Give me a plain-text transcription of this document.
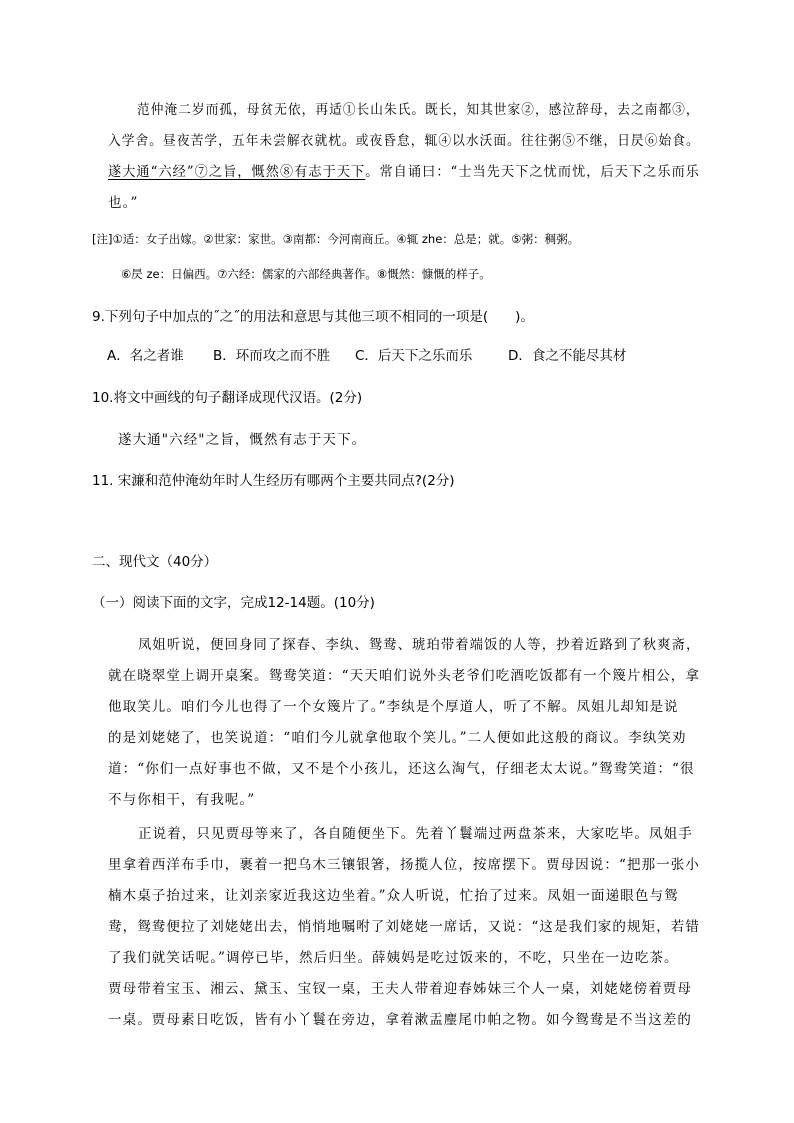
范仲淹二岁而孤，母贫无依，再适①长山朱氏。既长，知其世家②，感泣辞母，去之南都③，
入学舍。昼夜苦学，五年未尝解衣就枕。或夜昏怠，辄④以水沃面。往往粥⑤不继，日昃⑥始食。
遂大通“六经”⑦之旨，慨然⑧有志于天下。常自诵曰：“士当先天下之忧而忧，后天下之乐而乐
也。”
[注]①适：女子出嫁。②世家：家世。③南都：今河南商丘。④辄 zhe：总是；就。⑤粥：稠粥。
⑥昃 ze：日偏西。⑦六经：儒家的六部经典著作。⑧慨然：慷慨的样子。
9.下列句子中加点的˝之˝的用法和意思与其他三项不相同的一项是(　　)。
A．名之者谁 B．环而攻之而不胜 C．后天下之乐而乐	D．食之不能尽其材
10.将文中画线的句子翻译成现代汉语。(2分)
遂大通"六经"之旨，慨然有志于天下。
11. 宋濂和范仲淹幼年时人生经历有哪两个主要共同点?(2分)
二、现代文（40分）
（一）阅读下面的文字，完成12-14题。(10分)
凤姐听说，便回身同了探春、李纨、鸳鸯、琥珀带着端饭的人等，抄着近路到了秋爽斋，
就在晓翠堂上调开桌案。鸳鸯笑道：“天天咱们说外头老爷们吃酒吃饭都有一个篾片相公，拿
他取笑儿。咱们今儿也得了一个女篾片了。”李纨是个厚道人，听了不解。凤姐儿却知是说
的是刘姥姥了，也笑说道：“咱们今儿就拿他取个笑儿。”二人便如此这般的商议。李纨笑劝
道：“你们一点好事也不做，又不是个小孩儿，还这么淘气，仔细老太太说。”鸳鸯笑道：“很
不与你相干，有我呢。”
正说着，只见贾母等来了，各自随便坐下。先着丫鬟端过两盘茶来，大家吃毕。凤姐手
里拿着西洋布手巾，裹着一把乌木三镶银箸，扬揽人位，按席摆下。贾母因说：“把那一张小
楠木桌子抬过来，让刘亲家近我这边坐着。”众人听说，忙抬了过来。凤姐一面递眼色与鸳
鸯，鸳鸯便拉了刘姥姥出去，悄悄地嘱咐了刘姥姥一席话，又说：“这是我们家的规矩，若错
了我们就笑话呢。”调停已毕，然后归坐。薛姨妈是吃过饭来的，不吃，只坐在一边吃茶。
贾母带着宝玉、湘云、黛玉、宝钗一桌，王夫人带着迎春姊妹三个人一桌，刘姥姥傍着贾母
一桌。贾母素日吃饭，皆有小丫鬟在旁边，拿着漱盂麈尾巾帕之物。如今鸳鸯是不当这差的
